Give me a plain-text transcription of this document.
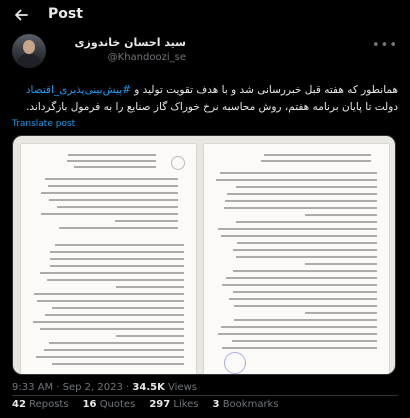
Post
سید احسان خاندوزی
@Khandoozi_se
•••
همانطور که هفته قبل خبررسانی شد و با هدف تقویت تولید و #پیش‌بینی‌پذیری_اقتصاد دولت تا پایان برنامه هفتم، روش محاسبه نرخ خوراک گاز صنایع را به فرمول بازگرداند.
Translate post
9:33 AM · Sep 2, 2023 · 34.5K Views
42 Reposts 16 Quotes 297 Likes 3 Bookmarks
